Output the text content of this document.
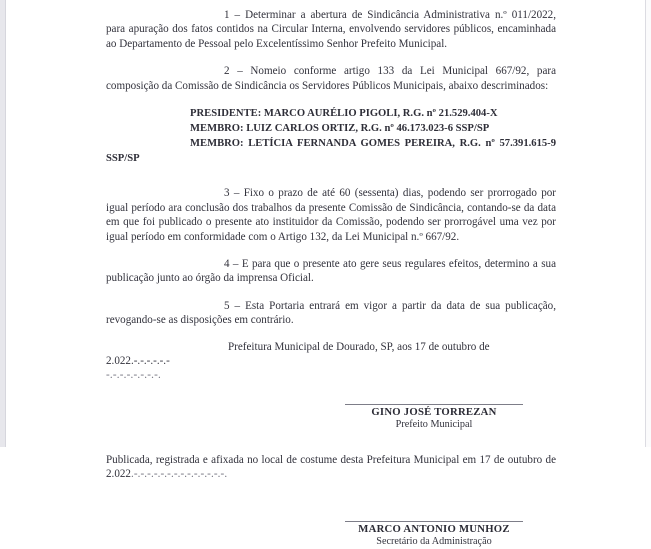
1 – Determinar a abertura de Sindicância Administrativa n.º 011/2022, para apuração dos fatos contidos na Circular Interna, envolvendo servidores públicos, encaminhada ao Departamento de Pessoal pelo Excelentíssimo Senhor Prefeito Municipal.

2 – Nomeio conforme artigo 133 da Lei Municipal 667/92, para composição da Comissão de Sindicância os Servidores Públicos Municipais, abaixo descriminados:

PRESIDENTE: MARCO AURÉLIO PIGOLI, R.G. nº 21.529.404-X
MEMBRO: LUIZ CARLOS ORTIZ, R.G. nº 46.173.023-6 SSP/SP
MEMBRO: LETÍCIA FERNANDA GOMES PEREIRA, R.G. nº 57.391.615-9
SSP/SP

3 – Fixo o prazo de até 60 (sessenta) dias, podendo ser prorrogado por igual período ara conclusão dos trabalhos da presente Comissão de Sindicância, contando-se da data em que foi publicado o presente ato instituidor da Comissão, podendo ser prorrogável uma vez por igual período em conformidade com o Artigo 132, da Lei Municipal n.º 667/92.

4 – E para que o presente ato gere seus regulares efeitos, determino a sua publicação junto ao órgão da imprensa Oficial.

5 – Esta Portaria entrará em vigor a partir da data de sua publicação, revogando-se as disposições em contrário.

Prefeitura Municipal de Dourado, SP, aos 17 de outubro de 2.022.-.-.-.-.-.-

-.-.-.-.-.-.-.-.

GINO JOSÉ TORREZAN
Prefeito Municipal

Publicada, registrada e afixada no local de costume desta Prefeitura Municipal em 17 de outubro de

2.022.-.-.-.-.-.-.-.-.-.-.-.-.-.-.

MARCO ANTONIO MUNHOZ
Secretário da Administração
